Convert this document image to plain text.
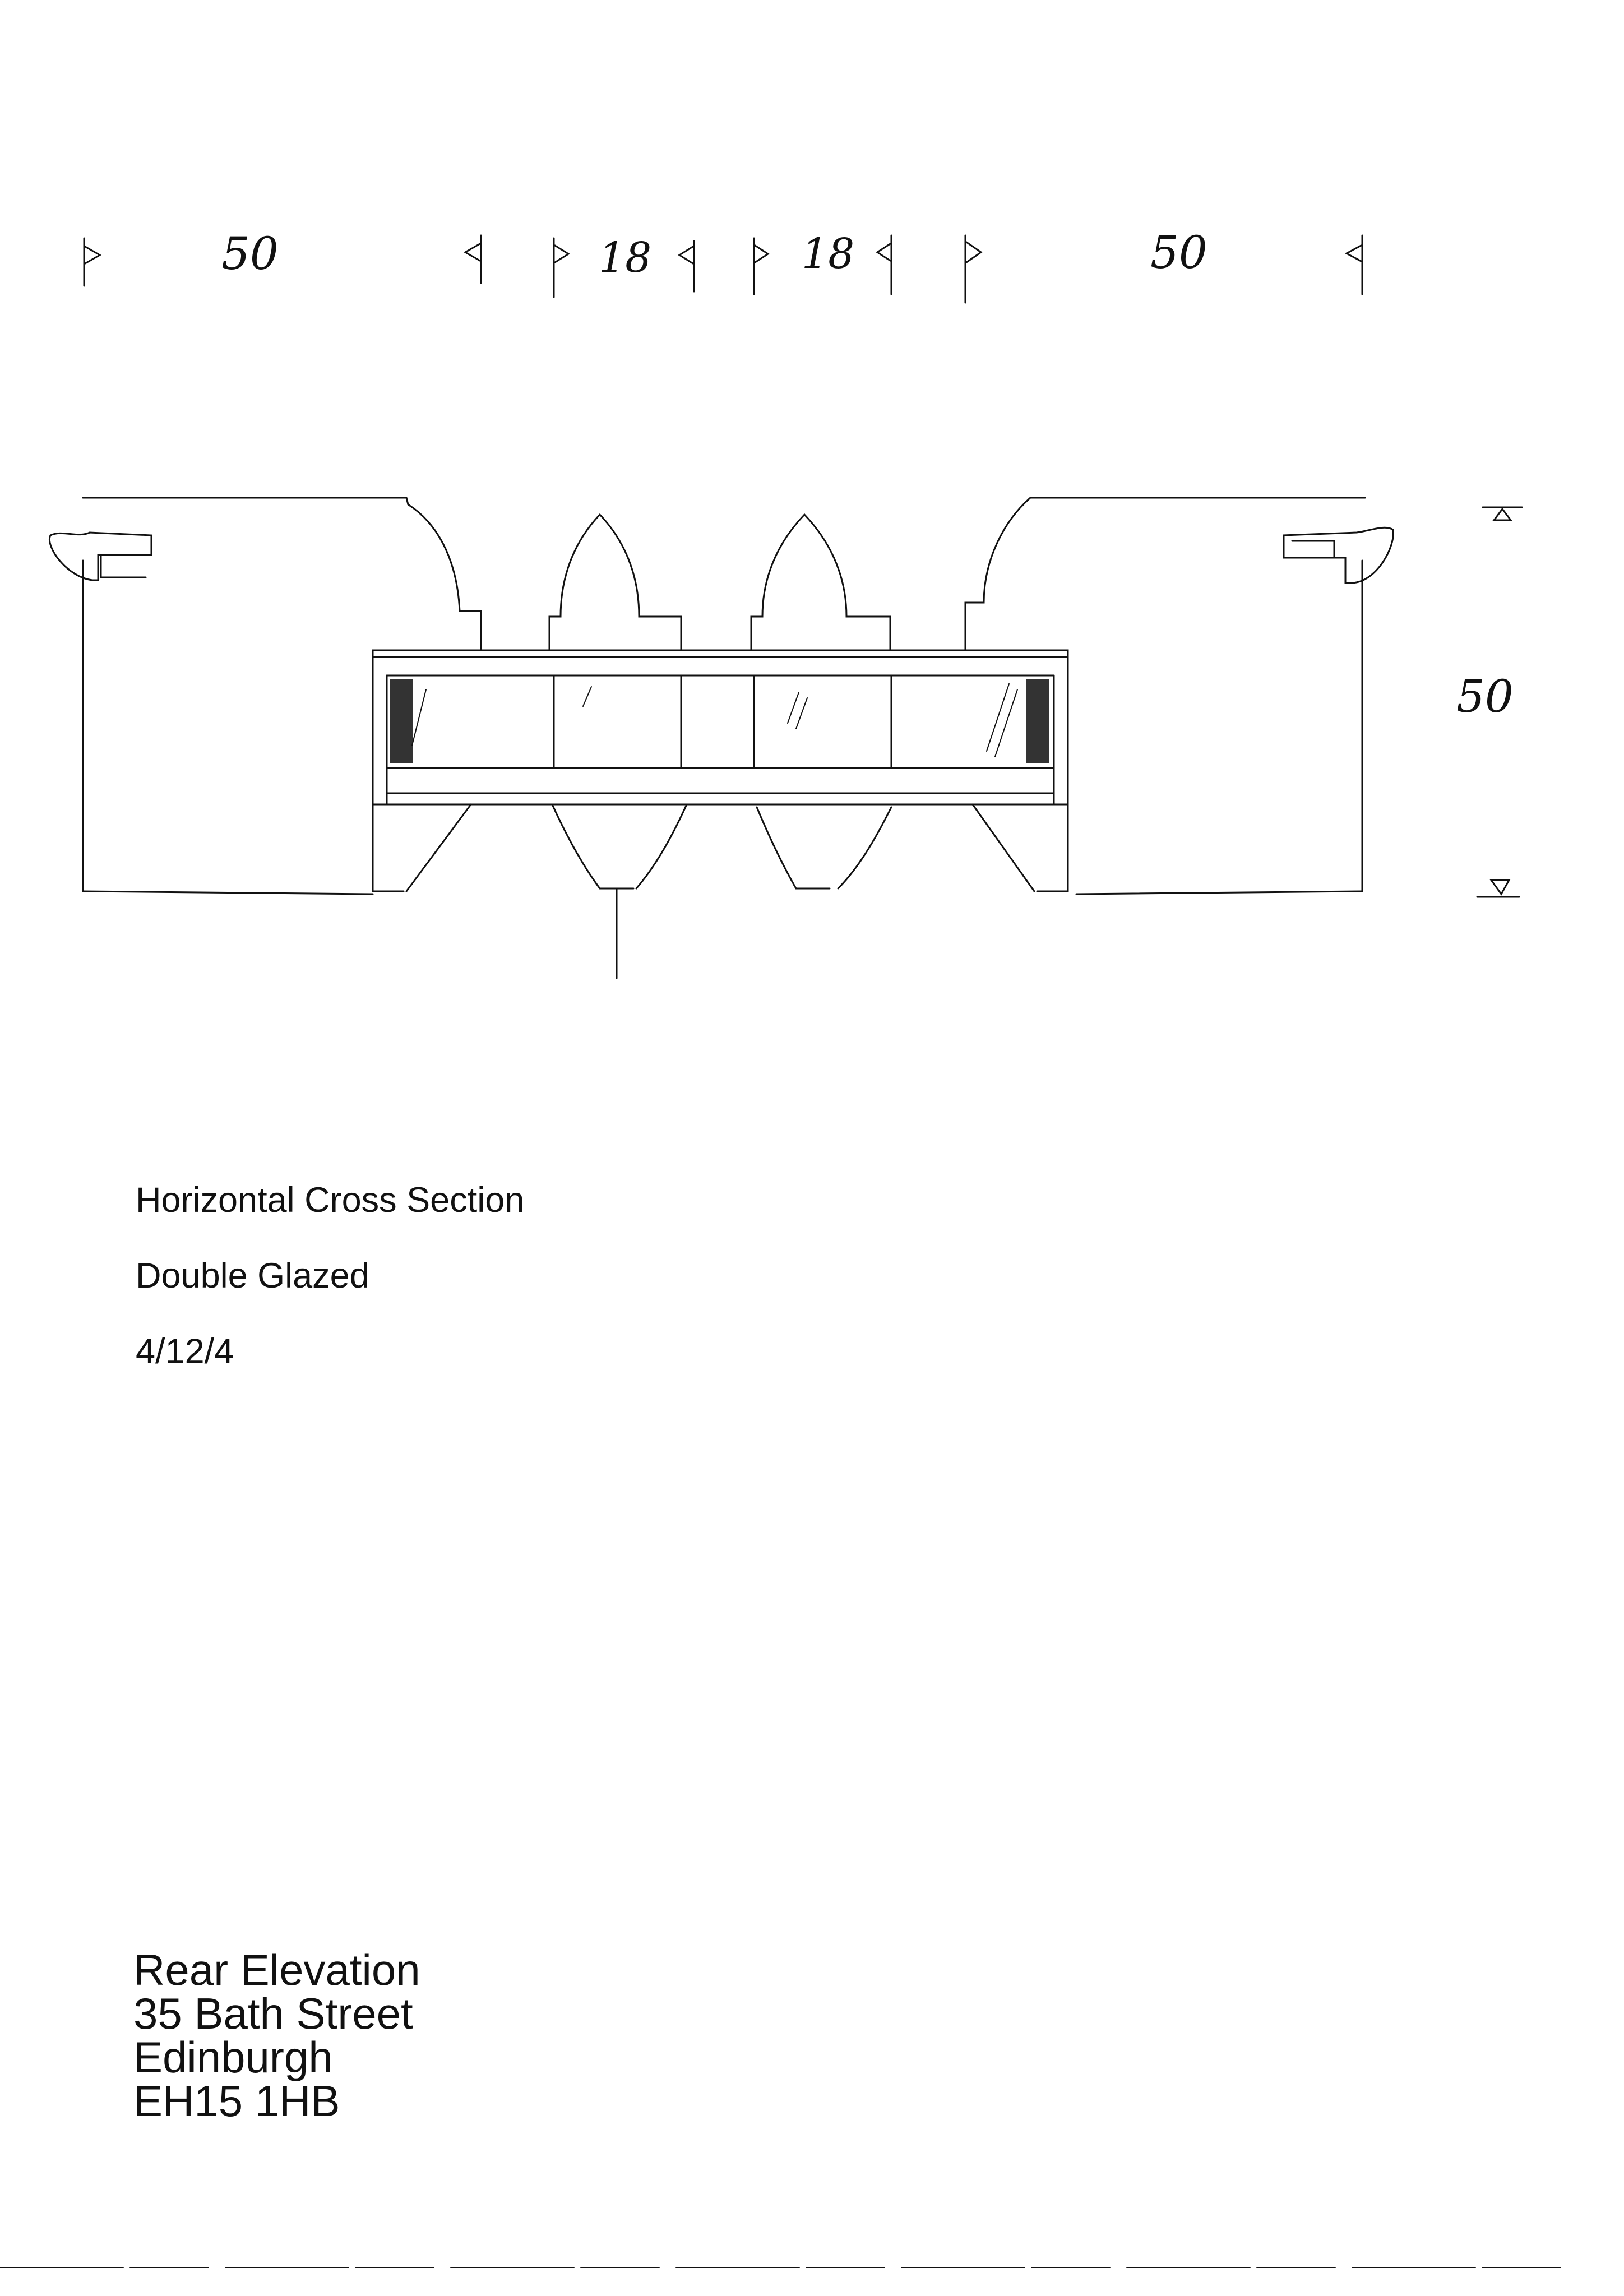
50	18	18	50
50
Horizontal Cross Section
Double Glazed
4/12/4
Rear Elevation
35 Bath Street
Edinburgh
EH15 1HB
